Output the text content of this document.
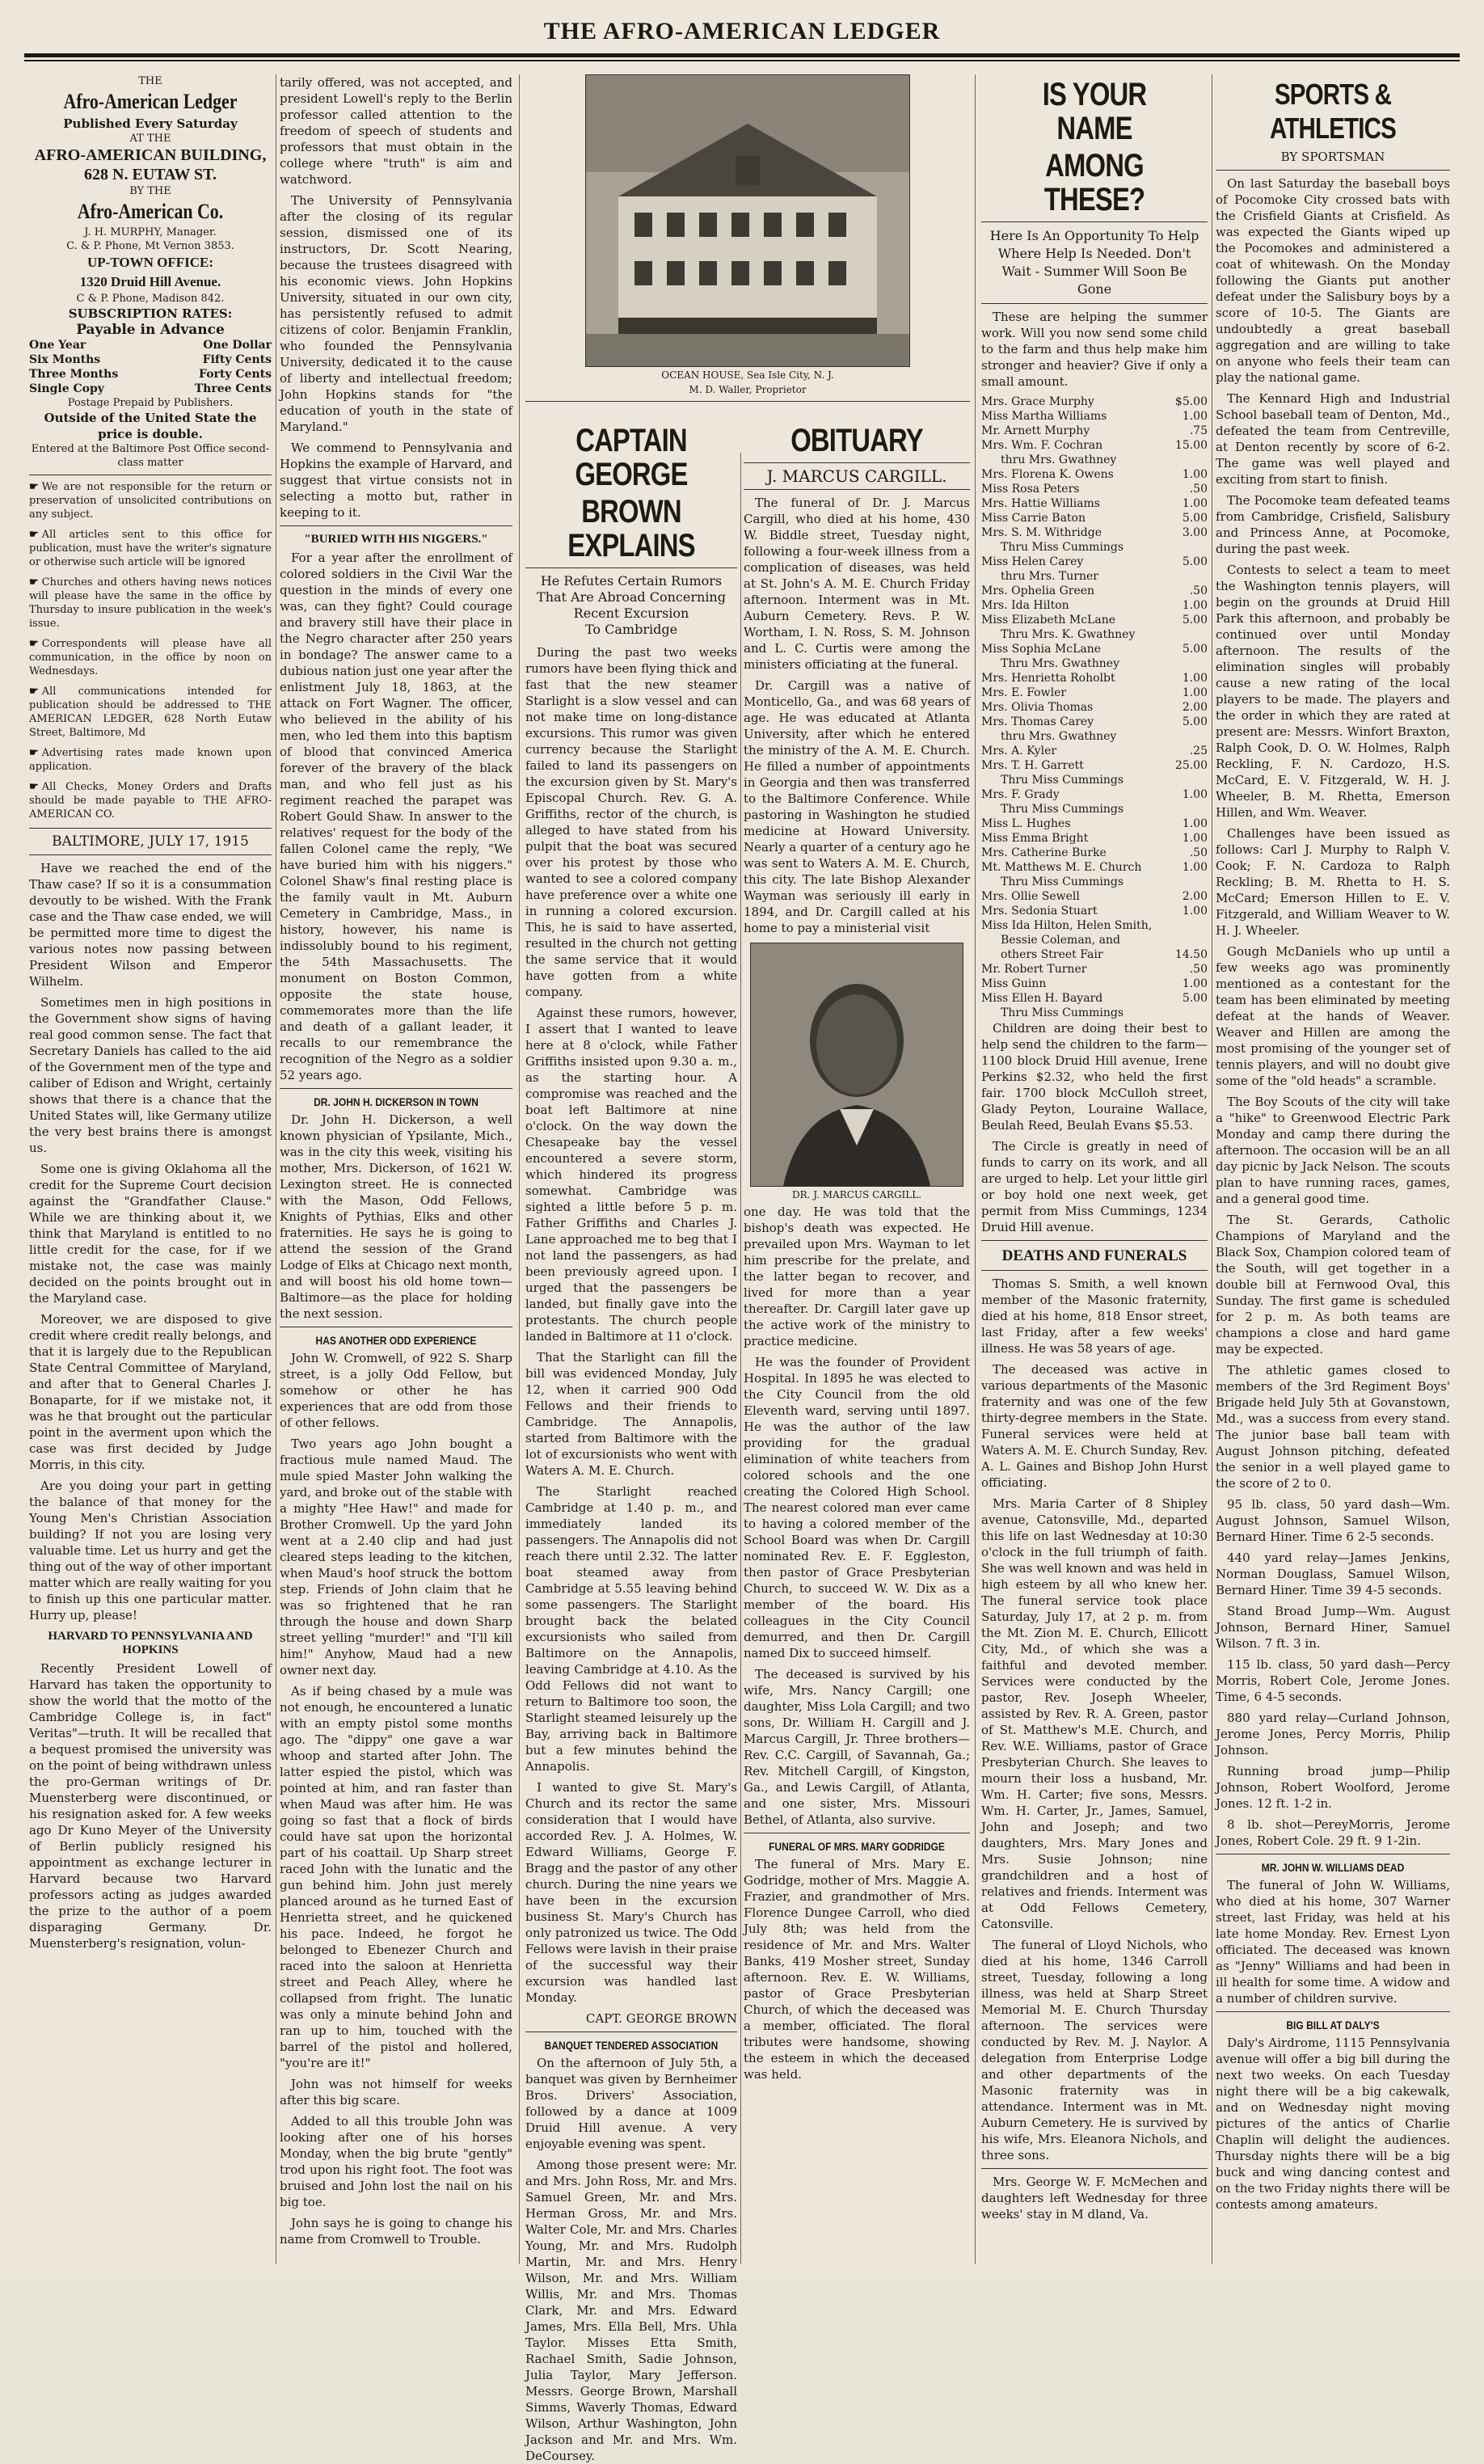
THE AFRO-AMERICAN LEDGER
THE
Afro-American Ledger
Published Every Saturday
AT THE
AFRO-AMERICAN BUILDING,
628 N. EUTAW ST.
BY THE
Afro-American Co.
J. H. MURPHY, Manager.
C. & P. Phone, Mt Vernon 3853.
UP-TOWN OFFICE:
1320 Druid Hill Avenue.
C & P. Phone, Madison 842.
SUBSCRIPTION RATES:
Payable in Advance
One Year	One Dollar
Six Months	Fifty Cents
Three Months	Forty Cents
Single Copy	Three Cents
Postage Prepaid by Publishers.
Outside of the United State the price is double.
Entered at the Baltimore Post Office second-class matter

☛ We are not responsible for the return or preservation of unsolicited contributions on any subject.

☛ All articles sent to this office for publication, must have the writer's signature or otherwise such article will be ignored

☛ Churches and others having news notices will please have the same in the office by Thursday to insure publication in the week's issue.

☛ Correspondents will please have all communication, in the office by noon on Wednesdays.

☛ All communications intended for publication should be addressed to THE AMERICAN LEDGER, 628 North Eutaw Street, Baltimore, Md

☛ Advertising rates made known upon application.

☛ All Checks, Money Orders and Drafts should be made payable to THE AFRO-AMERICAN CO.

BALTIMORE, JULY 17, 1915

Have we reached the end of the Thaw case? If so it is a consummation devoutly to be wished. With the Frank case and the Thaw case ended, we will be permitted more time to digest the various notes now passing between President Wilson and Emperor Wilhelm.

Sometimes men in high positions in the Government show signs of having real good common sense. The fact that Secretary Daniels has called to the aid of the Government men of the type and caliber of Edison and Wright, certainly shows that there is a chance that the United States will, like Germany utilize the very best brains there is amongst us.

Some one is giving Oklahoma all the credit for the Supreme Court decision against the "Grandfather Clause." While we are thinking about it, we think that Maryland is entitled to no little credit for the case, for if we mistake not, the case was mainly decided on the points brought out in the Maryland case.

Moreover, we are disposed to give credit where credit really belongs, and that it is largely due to the Republican State Central Committee of Maryland, and after that to General Charles J. Bonaparte, for if we mistake not, it was he that brought out the particular point in the averment upon which the case was first decided by Judge Morris, in this city.

Are you doing your part in getting the balance of that money for the Young Men's Christian Association building? If not you are losing very valuable time. Let us hurry and get the thing out of the way of other important matter which are really waiting for you to finish up this one particular matter. Hurry up, please!

HARVARD TO PENNSYLVANIA AND HOPKINS

Recently President Lowell of Harvard has taken the opportunity to show the world that the motto of the Cambridge College is, in fact" Veritas"—truth. It will be recalled that a bequest promised the university was on the point of being withdrawn unless the pro-German writings of Dr. Muensterberg were discontinued, or his resignation asked for. A few weeks ago Dr Kuno Meyer of the University of Berlin publicly resigned his appointment as exchange lecturer in Harvard because two Harvard professors acting as judges awarded the prize to the author of a poem disparaging Germany. Dr. Muensterberg's resignation, volun-

tarily offered, was not accepted, and president Lowell's reply to the Berlin professor called attention to the freedom of speech of students and professors that must obtain in the college where "truth" is aim and watchword.

The University of Pennsylvania after the closing of its regular session, dismissed one of its instructors, Dr. Scott Nearing, because the trustees disagreed with his economic views. John Hopkins University, situated in our own city, has persistently refused to admit citizens of color. Benjamin Franklin, who founded the Pennsylvania University, dedicated it to the cause of liberty and intellectual freedom; John Hopkins stands for "the education of youth in the state of Maryland."

We commend to Pennsylvania and Hopkins the example of Harvard, and suggest that virtue consists not in selecting a motto but, rather in keeping to it.

"BURIED WITH HIS NIGGERS."

For a year after the enrollment of colored soldiers in the Civil War the question in the minds of every one was, can they fight? Could courage and bravery still have their place in the Negro character after 250 years in bondage? The answer came to a dubious nation just one year after the enlistment July 18, 1863, at the attack on Fort Wagner. The officer, who believed in the ability of his men, who led them into this baptism of blood that convinced America forever of the bravery of the black man, and who fell just as his regiment reached the parapet was Robert Gould Shaw. In answer to the relatives' request for the body of the fallen Colonel came the reply, "We have buried him with his niggers." Colonel Shaw's final resting place is the family vault in Mt. Auburn Cemetery in Cambridge, Mass., in history, however, his name is indissolubly bound to his regiment, the 54th Massachusetts. The monument on Boston Common, opposite the state house, commemorates more than the life and death of a gallant leader, it recalls to our remembrance the recognition of the Negro as a soldier 52 years ago.

DR. JOHN H. DICKERSON IN TOWN

Dr. John H. Dickerson, a well known physician of Ypsilante, Mich., was in the city this week, visiting his mother, Mrs. Dickerson, of 1621 W. Lexington street. He is connected with the Mason, Odd Fellows, Knights of Pythias, Elks and other fraternities. He says he is going to attend the session of the Grand Lodge of Elks at Chicago next month, and will boost his old home town—Baltimore—as the place for holding the next session.

HAS ANOTHER ODD EXPERIENCE

John W. Cromwell, of 922 S. Sharp street, is a jolly Odd Fellow, but somehow or other he has experiences that are odd from those of other fellows.

Two years ago John bought a fractious mule named Maud. The mule spied Master John walking the yard, and broke out of the stable with a mighty "Hee Haw!" and made for Brother Cromwell. Up the yard John went at a 2.40 clip and had just cleared steps leading to the kitchen, when Maud's hoof struck the bottom step. Friends of John claim that he was so frightened that he ran through the house and down Sharp street yelling "murder!" and "I'll kill him!" Anyhow, Maud had a new owner next day.

As if being chased by a mule was not enough, he encountered a lunatic with an empty pistol some months ago. The "dippy" one gave a war whoop and started after John. The latter espied the pistol, which was pointed at him, and ran faster than when Maud was after him. He was going so fast that a flock of birds could have sat upon the horizontal part of his coattail. Up Sharp street raced John with the lunatic and the gun behind him. John just merely planced around as he turned East of Henrietta street, and he quickened his pace. Indeed, he forgot he belonged to Ebenezer Church and raced into the saloon at Henrietta street and Peach Alley, where he collapsed from fright. The lunatic was only a minute behind John and ran up to him, touched with the barrel of the pistol and hollered, "you're are it!"

John was not himself for weeks after this big scare.

Added to all this trouble John was looking after one of his horses Monday, when the big brute "gently" trod upon his right foot. The foot was bruised and John lost the nail on his big toe.

John says he is going to change his name from Cromwell to Trouble.

OCEAN HOUSE, Sea Isle City, N. J.
M. D. Waller, Proprietor
CAPTAIN GEORGE
BROWN EXPLAINS
He Refutes Certain Rumors
That Are Abroad Concerning Recent Excursion
To Cambridge

During the past two weeks rumors have been flying thick and fast that the new steamer Starlight is a slow vessel and can not make time on long-distance excursions. This rumor was given currency because the Starlight failed to land its passengers on the excursion given by St. Mary's Episcopal Church. Rev. G. A. Griffiths, rector of the church, is alleged to have stated from his pulpit that the boat was secured over his protest by those who wanted to see a colored company have preference over a white one in running a colored excursion. This, he is said to have asserted, resulted in the church not getting the same service that it would have gotten from a white company.

Against these rumors, however, I assert that I wanted to leave here at 8 o'clock, while Father Griffiths insisted upon 9.30 a. m., as the starting hour. A compromise was reached and the boat left Baltimore at nine o'clock. On the way down the Chesapeake bay the vessel encountered a severe storm, which hindered its progress somewhat. Cambridge was sighted a little before 5 p. m. Father Griffiths and Charles J. Lane approached me to beg that I not land the passengers, as had been previously agreed upon. I urged that the passengers be landed, but finally gave into the protestants. The church people landed in Baltimore at 11 o'clock.

That the Starlight can fill the bill was evidenced Monday, July 12, when it carried 900 Odd Fellows and their friends to Cambridge. The Annapolis, started from Baltimore with the lot of excursionists who went with Waters A. M. E. Church.

The Starlight reached Cambridge at 1.40 p. m., and immediately landed its passengers. The Annapolis did not reach there until 2.32. The latter boat steamed away from Cambridge at 5.55 leaving behind some passengers. The Starlight brought back the belated excursionists who sailed from Baltimore on the Annapolis, leaving Cambridge at 4.10. As the Odd Fellows did not want to return to Baltimore too soon, the Starlight steamed leisurely up the Bay, arriving back in Baltimore but a few minutes behind the Annapolis.

I wanted to give St. Mary's Church and its rector the same consideration that I would have accorded Rev. J. A. Holmes, W. Edward Williams, George F. Bragg and the pastor of any other church. During the nine years we have been in the excursion business St. Mary's Church has only patronized us twice. The Odd Fellows were lavish in their praise of the successful way their excursion was handled last Monday.

CAPT. GEORGE BROWN
BANQUET TENDERED ASSOCIATION

On the afternoon of July 5th, a banquet was given by Bernheimer Bros. Drivers' Association, followed by a dance at 1009 Druid Hill avenue. A very enjoyable evening was spent.

Among those present were: Mr. and Mrs. John Ross, Mr. and Mrs. Samuel Green, Mr. and Mrs. Herman Gross, Mr. and Mrs. Walter Cole, Mr. and Mrs. Charles Young, Mr. and Mrs. Rudolph Martin, Mr. and Mrs. Henry Wilson, Mr. and Mrs. William Willis, Mr. and Mrs. Thomas Clark, Mr. and Mrs. Edward James, Mrs. Ella Bell, Mrs. Uhla Taylor. Misses Etta Smith, Rachael Smith, Sadie Johnson, Julia Taylor, Mary Jefferson. Messrs. George Brown, Marshall Simms, Waverly Thomas, Edward Wilson, Arthur Washington, John Jackson and Mr. and Mrs. Wm. DeCoursey.

OBITUARY
J. MARCUS CARGILL.

The funeral of Dr. J. Marcus Cargill, who died at his home, 430 W. Biddle street, Tuesday night, following a four-week illness from a complication of diseases, was held at St. John's A. M. E. Church Friday afternoon. Interment was in Mt. Auburn Cemetery. Revs. P. W. Wortham, I. N. Ross, S. M. Johnson and L. C. Curtis were among the ministers officiating at the funeral.

Dr. Cargill was a native of Monticello, Ga., and was 68 years of age. He was educated at Atlanta University, after which he entered the ministry of the A. M. E. Church. He filled a number of appointments in Georgia and then was transferred to the Baltimore Conference. While pastoring in Washington he studied medicine at Howard University. Nearly a quarter of a century ago he was sent to Waters A. M. E. Church, this city. The late Bishop Alexander Wayman was seriously ill early in 1894, and Dr. Cargill called at his home to pay a ministerial visit

DR. J. MARCUS CARGILL.

one day. He was told that the bishop's death was expected. He prevailed upon Mrs. Wayman to let him prescribe for the prelate, and the latter began to recover, and lived for more than a year thereafter. Dr. Cargill later gave up the active work of the ministry to practice medicine.

He was the founder of Provident Hospital. In 1895 he was elected to the City Council from the old Eleventh ward, serving until 1897. He was the author of the law providing for the gradual elimination of white teachers from colored schools and the one creating the Colored High School. The nearest colored man ever came to having a colored member of the School Board was when Dr. Cargill nominated Rev. E. F. Eggleston, then pastor of Grace Presbyterian Church, to succeed W. W. Dix as a member of the board. His colleagues in the City Council demurred, and then Dr. Cargill named Dix to succeed himself.

The deceased is survived by his wife, Mrs. Nancy Cargill; one daughter, Miss Lola Cargill; and two sons, Dr. William H. Cargill and J. Marcus Cargill, Jr. Three brothers—Rev. C.C. Cargill, of Savannah, Ga.; Rev. Mitchell Cargill, of Kingston, Ga., and Lewis Cargill, of Atlanta, and one sister, Mrs. Missouri Bethel, of Atlanta, also survive.

FUNERAL OF MRS. MARY GODRIDGE

The funeral of Mrs. Mary E. Godridge, mother of Mrs. Maggie A. Frazier, and grandmother of Mrs. Florence Dungee Carroll, who died July 8th; was held from the residence of Mr. and Mrs. Walter Banks, 419 Mosher street, Sunday afternoon. Rev. E. W. Williams, pastor of Grace Presbyterian Church, of which the deceased was a member, officiated. The floral tributes were handsome, showing the esteem in which the deceased was held.

IS YOUR NAME
AMONG THESE?
Here Is An Opportunity To Help Where Help Is Needed. Don't Wait - Summer Will Soon Be Gone

These are helping the summer work. Will you now send some child to the farm and thus help make him stronger and heavier? Give if only a small amount.

Mrs. Grace Murphy	$5.00
Miss Martha Williams	1.00
Mr. Arnett Murphy	.75
Mrs. Wm. F. Cochran	15.00
thru Mrs. Gwathney
Mrs. Florena K. Owens	1.00
Miss Rosa Peters	.50
Mrs. Hattie Williams	1.00
Miss Carrie Baton	5.00
Mrs. S. M. Withridge	3.00
Thru Miss Cummings
Miss Helen Carey	5.00
thru Mrs. Turner
Mrs. Ophelia Green	.50
Mrs. Ida Hilton	1.00
Miss Elizabeth McLane	5.00
Thru Mrs. K. Gwathney
Miss Sophia McLane	5.00
Thru Mrs. Gwathney
Mrs. Henrietta Roholbt	1.00
Mrs. E. Fowler	1.00
Mrs. Olivia Thomas	2.00
Mrs. Thomas Carey	5.00
thru Mrs. Gwathney
Mrs. A. Kyler	.25
Mrs. T. H. Garrett	25.00
Thru Miss Cummings
Mrs. F. Grady	1.00
Thru Miss Cummings
Miss L. Hughes	1.00
Miss Emma Bright	1.00
Mrs. Catherine Burke	.50
Mt. Matthews M. E. Church	1.00
Thru Miss Cummings
Mrs. Ollie Sewell	2.00
Mrs. Sedonia Stuart	1.00
Miss Ida Hilton, Helen Smith,
Bessie Coleman, and
others Street Fair	14.50
Mr. Robert Turner	.50
Miss Guinn	1.00
Miss Ellen H. Bayard	5.00
Thru Miss Cummings

Children are doing their best to help send the children to the farm—1100 block Druid Hill avenue, Irene Perkins $2.32, who held the first fair. 1700 block McCulloh street, Glady Peyton, Louraine Wallace, Beulah Reed, Beulah Evans $5.53.

The Circle is greatly in need of funds to carry on its work, and all are urged to help. Let your little girl or boy hold one next week, get permit from Miss Cummings, 1234 Druid Hill avenue.

DEATHS AND FUNERALS

Thomas S. Smith, a well known member of the Masonic fraternity, died at his home, 818 Ensor street, last Friday, after a few weeks' illness. He was 58 years of age.

The deceased was active in various departments of the Masonic fraternity and was one of the few thirty-degree members in the State. Funeral services were held at Waters A. M. E. Church Sunday, Rev. A. L. Gaines and Bishop John Hurst officiating.

Mrs. Maria Carter of 8 Shipley avenue, Catonsville, Md., departed this life on last Wednesday at 10:30 o'clock in the full triumph of faith. She was well known and was held in high esteem by all who knew her. The funeral service took place Saturday, July 17, at 2 p. m. from the Mt. Zion M. E. Church, Ellicott City, Md., of which she was a faithful and devoted member. Services were conducted by the pastor, Rev. Joseph Wheeler, assisted by Rev. R. A. Green, pastor of St. Matthew's M.E. Church, and Rev. W.E. Williams, pastor of Grace Presbyterian Church. She leaves to mourn their loss a husband, Mr. Wm. H. Carter; five sons, Messrs. Wm. H. Carter, Jr., James, Samuel, John and Joseph; and two daughters, Mrs. Mary Jones and Mrs. Susie Johnson; nine grandchildren and a host of relatives and friends. Interment was at Odd Fellows Cemetery, Catonsville.

The funeral of Lloyd Nichols, who died at his home, 1346 Carroll street, Tuesday, following a long illness, was held at Sharp Street Memorial M. E. Church Thursday afternoon. The services were conducted by Rev. M. J. Naylor. A delegation from Enterprise Lodge and other departments of the Masonic fraternity was in attendance. Interment was in Mt. Auburn Cemetery. He is survived by his wife, Mrs. Eleanora Nichols, and three sons.

Mrs. George W. F. McMechen and daughters left Wednesday for three weeks' stay in M dland, Va.

SPORTS & ATHLETICS
BY SPORTSMAN

On last Saturday the baseball boys of Pocomoke City crossed bats with the Crisfield Giants at Crisfield. As was expected the Giants wiped up the Pocomokes and administered a coat of whitewash. On the Monday following the Giants put another defeat under the Salisbury boys by a score of 10-5. The Giants are undoubtedly a great baseball aggregation and are willing to take on anyone who feels their team can play the national game.

The Kennard High and Industrial School baseball team of Denton, Md., defeated the team from Centreville, at Denton recently by score of 6-2. The game was well played and exciting from start to finish.

The Pocomoke team defeated teams from Cambridge, Crisfield, Salisbury and Princess Anne, at Pocomoke, during the past week.

Contests to select a team to meet the Washington tennis players, will begin on the grounds at Druid Hill Park this afternoon, and probably be continued over until Monday afternoon. The results of the elimination singles will probably cause a new rating of the local players to be made. The players and the order in which they are rated at present are: Messrs. Winfort Braxton, Ralph Cook, D. O. W. Holmes, Ralph Reckling, F. N. Cardozo, H.S. McCard, E. V. Fitzgerald, W. H. J. Wheeler, B. M. Rhetta, Emerson Hillen, and Wm. Weaver.

Challenges have been issued as follows: Carl J. Murphy to Ralph V. Cook; F. N. Cardoza to Ralph Reckling; B. M. Rhetta to H. S. McCard; Emerson Hillen to E. V. Fitzgerald, and William Weaver to W. H. J. Wheeler.

Gough McDaniels who up until a few weeks ago was prominently mentioned as a contestant for the team has been eliminated by meeting defeat at the hands of Weaver. Weaver and Hillen are among the most promising of the younger set of tennis players, and will no doubt give some of the "old heads" a scramble.

The Boy Scouts of the city will take a "hike" to Greenwood Electric Park Monday and camp there during the afternoon. The occasion will be an all day picnic by Jack Nelson. The scouts plan to have running races, games, and a general good time.

The St. Gerards, Catholic Champions of Maryland and the Black Sox, Champion colored team of the South, will get together in a double bill at Fernwood Oval, this Sunday. The first game is scheduled for 2 p. m. As both teams are champions a close and hard game may be expected.

The athletic games closed to members of the 3rd Regiment Boys' Brigade held July 5th at Govanstown, Md., was a success from every stand. The junior base ball team with August Johnson pitching, defeated the senior in a well played game to the score of 2 to 0.

95 lb. class, 50 yard dash—Wm. August Johnson, Samuel Wilson, Bernard Hiner. Time 6 2-5 seconds.

440 yard relay—James Jenkins, Norman Douglass, Samuel Wilson, Bernard Hiner. Time 39 4-5 seconds.

Stand Broad Jump—Wm. August Johnson, Bernard Hiner, Samuel Wilson. 7 ft. 3 in.

115 lb. class, 50 yard dash—Percy Morris, Robert Cole, Jerome Jones. Time, 6 4-5 seconds.

880 yard relay—Curland Johnson, Jerome Jones, Percy Morris, Philip Johnson.

Running broad jump—Philip Johnson, Robert Woolford, Jerome Jones. 12 ft. 1-2 in.

8 lb. shot—PereyMorris, Jerome Jones, Robert Cole. 29 ft. 9 1-2in.

MR. JOHN W. WILLIAMS DEAD

The funeral of John W. Williams, who died at his home, 307 Warner street, last Friday, was held at his late home Monday. Rev. Ernest Lyon officiated. The deceased was known as "Jenny" Williams and had been in ill health for some time. A widow and a number of children survive.

BIG BILL AT DALY'S

Daly's Airdrome, 1115 Pennsylvania avenue will offer a big bill during the next two weeks. On each Tuesday night there will be a big cakewalk, and on Wednesday night moving pictures of the antics of Charlie Chaplin will delight the audiences. Thursday nights there will be a big buck and wing dancing contest and on the two Friday nights there will be contests among amateurs.
